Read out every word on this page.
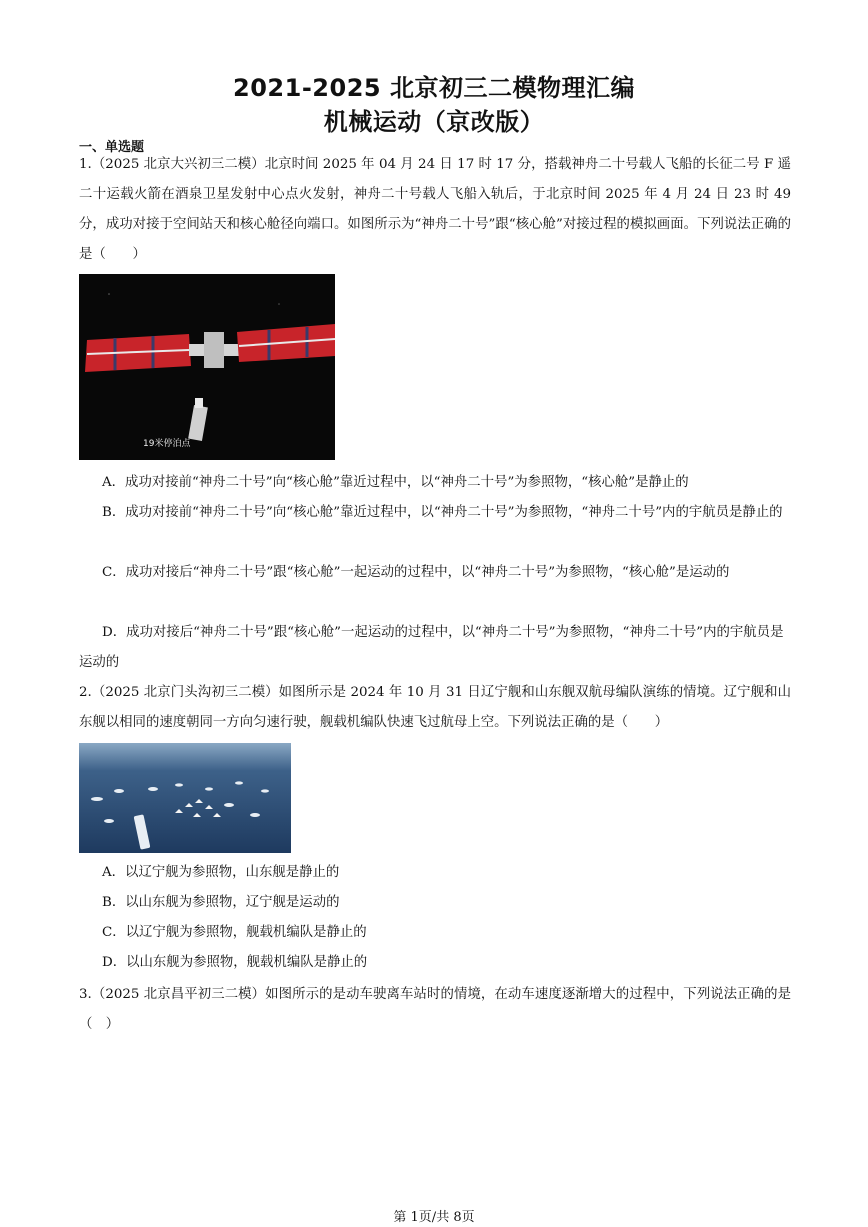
2021-2025 北京初三二模物理汇编
机械运动（京改版）
一、单选题
1.（2025 北京大兴初三二模）北京时间 2025 年 04 月 24 日 17 时 17 分，搭载神舟二十号载人飞船的长征二号 F 遥二十运载火箭在酒泉卫星发射中心点火发射，神舟二十号载人飞船入轨后，于北京时间 2025 年 4 月 24 日 23 时 49 分，成功对接于空间站天和核心舱径向端口。如图所示为“神舟二十号”跟“核心舱”对接过程的模拟画面。下列说法正确的是（　　）
19米停泊点
A．成功对接前“神舟二十号”向“核心舱”靠近过程中，以“神舟二十号”为参照物，“核心舱”是静止的
B．成功对接前“神舟二十号”向“核心舱”靠近过程中，以“神舟二十号”为参照物，“神舟二十号”内的宇航员是静止的
C．成功对接后“神舟二十号”跟“核心舱”一起运动的过程中，以“神舟二十号”为参照物，“核心舱”是运动的
D．成功对接后“神舟二十号”跟“核心舱”一起运动的过程中，以“神舟二十号”为参照物，“神舟二十号”内的宇航员是运动的
2.（2025 北京门头沟初三二模）如图所示是 2024 年 10 月 31 日辽宁舰和山东舰双航母编队演练的情境。辽宁舰和山东舰以相同的速度朝同一方向匀速行驶，舰载机编队快速飞过航母上空。下列说法正确的是（　　）
A．以辽宁舰为参照物，山东舰是静止的
B．以山东舰为参照物，辽宁舰是运动的
C．以辽宁舰为参照物，舰载机编队是静止的
D．以山东舰为参照物，舰载机编队是静止的
3.（2025 北京昌平初三二模）如图所示的是动车驶离车站时的情境，在动车速度逐渐增大的过程中，下列说法正确的是（　）
第 1页/共 8页
